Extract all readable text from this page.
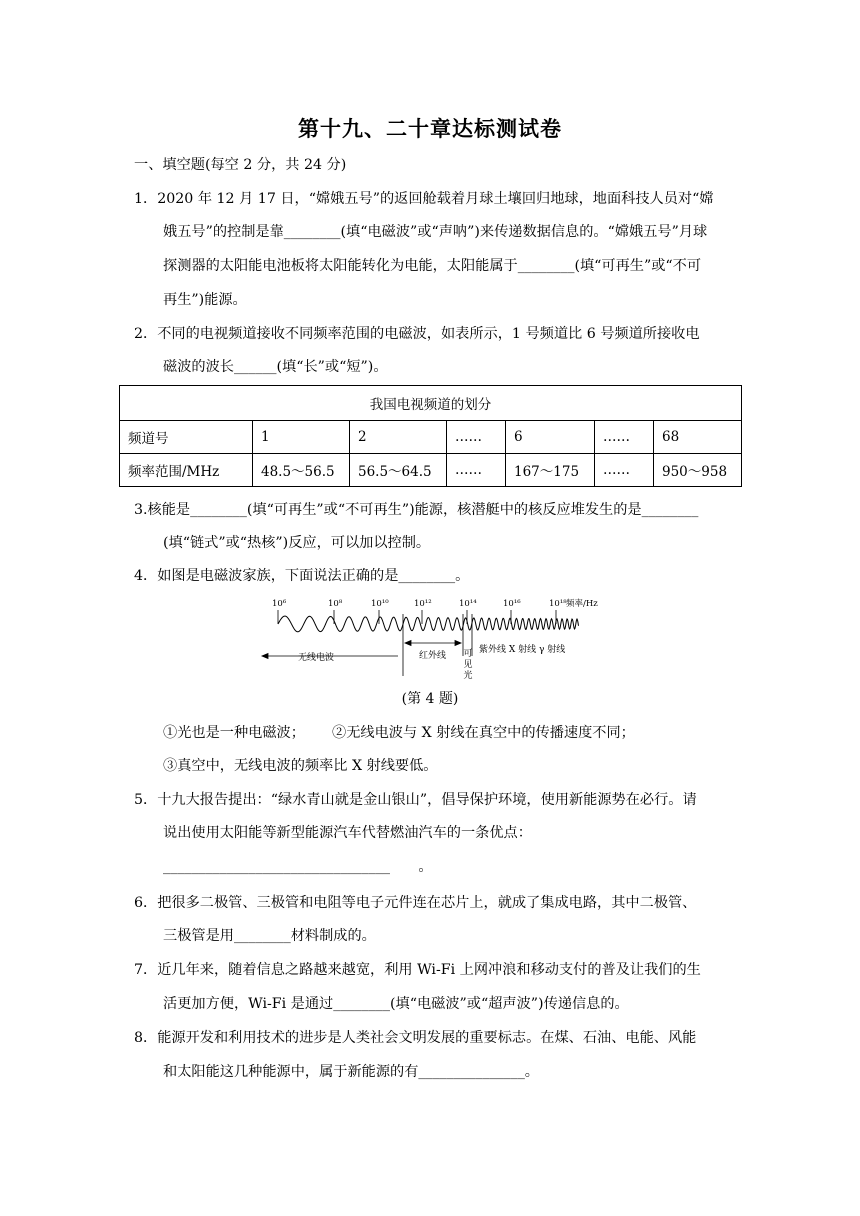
第十九、二十章达标测试卷
一、填空题(每空 2 分，共 24 分)
1．2020 年 12 月 17 日，“嫦娥五号”的返回舱载着月球土壤回归地球，地面科技人员对“嫦
娥五号”的控制是靠________(填“电磁波”或“声呐”)来传递数据信息的。“嫦娥五号”月球
探测器的太阳能电池板将太阳能转化为电能，太阳能属于________(填“可再生”或“不可
再生”)能源。
2．不同的电视频道接收不同频率范围的电磁波，如表所示，1 号频道比 6 号频道所接收电
磁波的波长______(填“长”或“短”)。
我国电视频道的划分						
频道号	1	2	……	6	……	68
频率范围/MHz	48.5～56.5	56.5～64.5	……	167～175	……	950～958
3.核能是________(填“可再生”或“不可再生”)能源，核潜艇中的核反应堆发生的是________
(填“链式”或“热核”)反应，可以加以控制。
4．如图是电磁波家族，下面说法正确的是________。
10⁶	10⁸	10¹⁰	10¹²	10¹⁴	10¹⁶	10¹⁸ 频率/Hz
无线电波	红外线 可
见
光
紫外线 X 射线 γ 射线
(第 4 题)
①光也是一种电磁波； ②无线电波与 X 射线在真空中的传播速度不同；
③真空中，无线电波的频率比 X 射线要低。
5．十九大报告提出：“绿水青山就是金山银山”，倡导保护环境，使用新能源势在必行。请
说出使用太阳能等新型能源汽车代替燃油汽车的一条优点：
________________________________　　。
6．把很多二极管、三极管和电阻等电子元件连在芯片上，就成了集成电路，其中二极管、
三极管是用________材料制成的。
7．近几年来，随着信息之路越来越宽，利用 Wi-Fi 上网冲浪和移动支付的普及让我们的生
活更加方便，Wi-Fi 是通过________(填“电磁波”或“超声波”)传递信息的。
8．能源开发和利用技术的进步是人类社会文明发展的重要标志。在煤、石油、电能、风能
和太阳能这几种能源中，属于新能源的有_______________。
